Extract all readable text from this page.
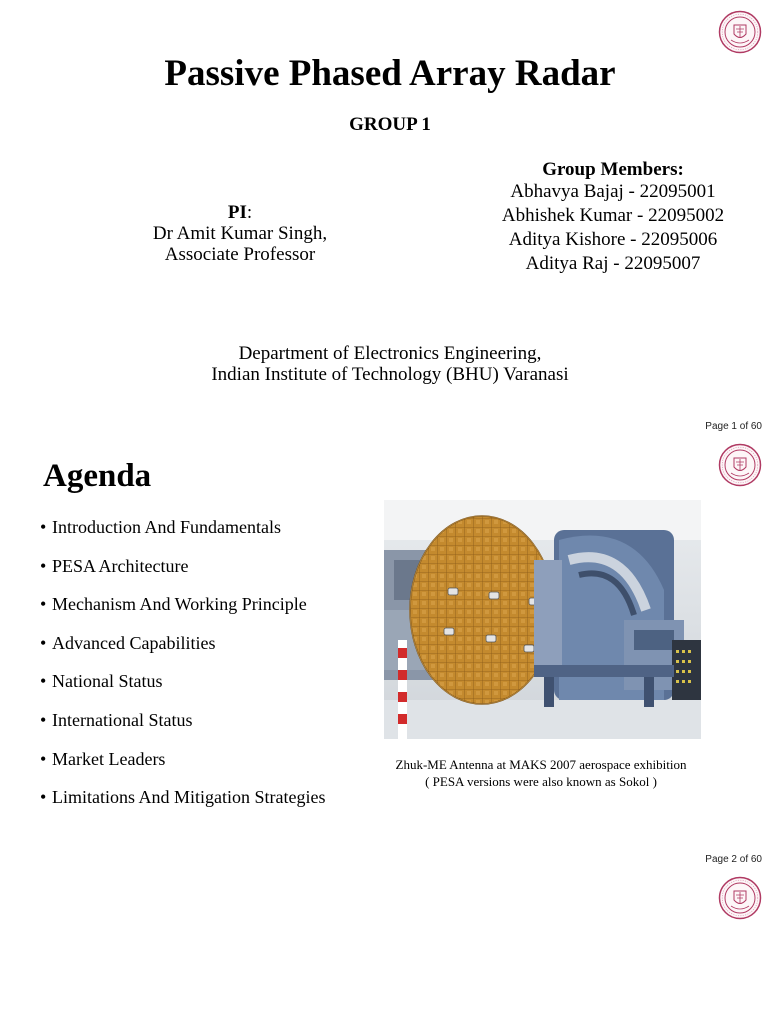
Passive Phased Array Radar
GROUP 1
Group Members:
Abhavya Bajaj - 22095001
Abhishek Kumar - 22095002
Aditya Kishore - 22095006
Aditya Raj - 22095007
PI:
Dr Amit Kumar Singh,
Associate Professor
Department of Electronics Engineering,
Indian Institute of Technology (BHU) Varanasi
Page 1 of 60
Agenda
• Introduction And Fundamentals
• PESA Architecture
• Mechanism And Working Principle
• Advanced Capabilities
• National Status
• International Status
• Market Leaders
• Limitations And Mitigation Strategies
Zhuk-ME Antenna at MAKS 2007 aerospace exhibition
( PESA versions were also known as Sokol )
Page 2 of 60
